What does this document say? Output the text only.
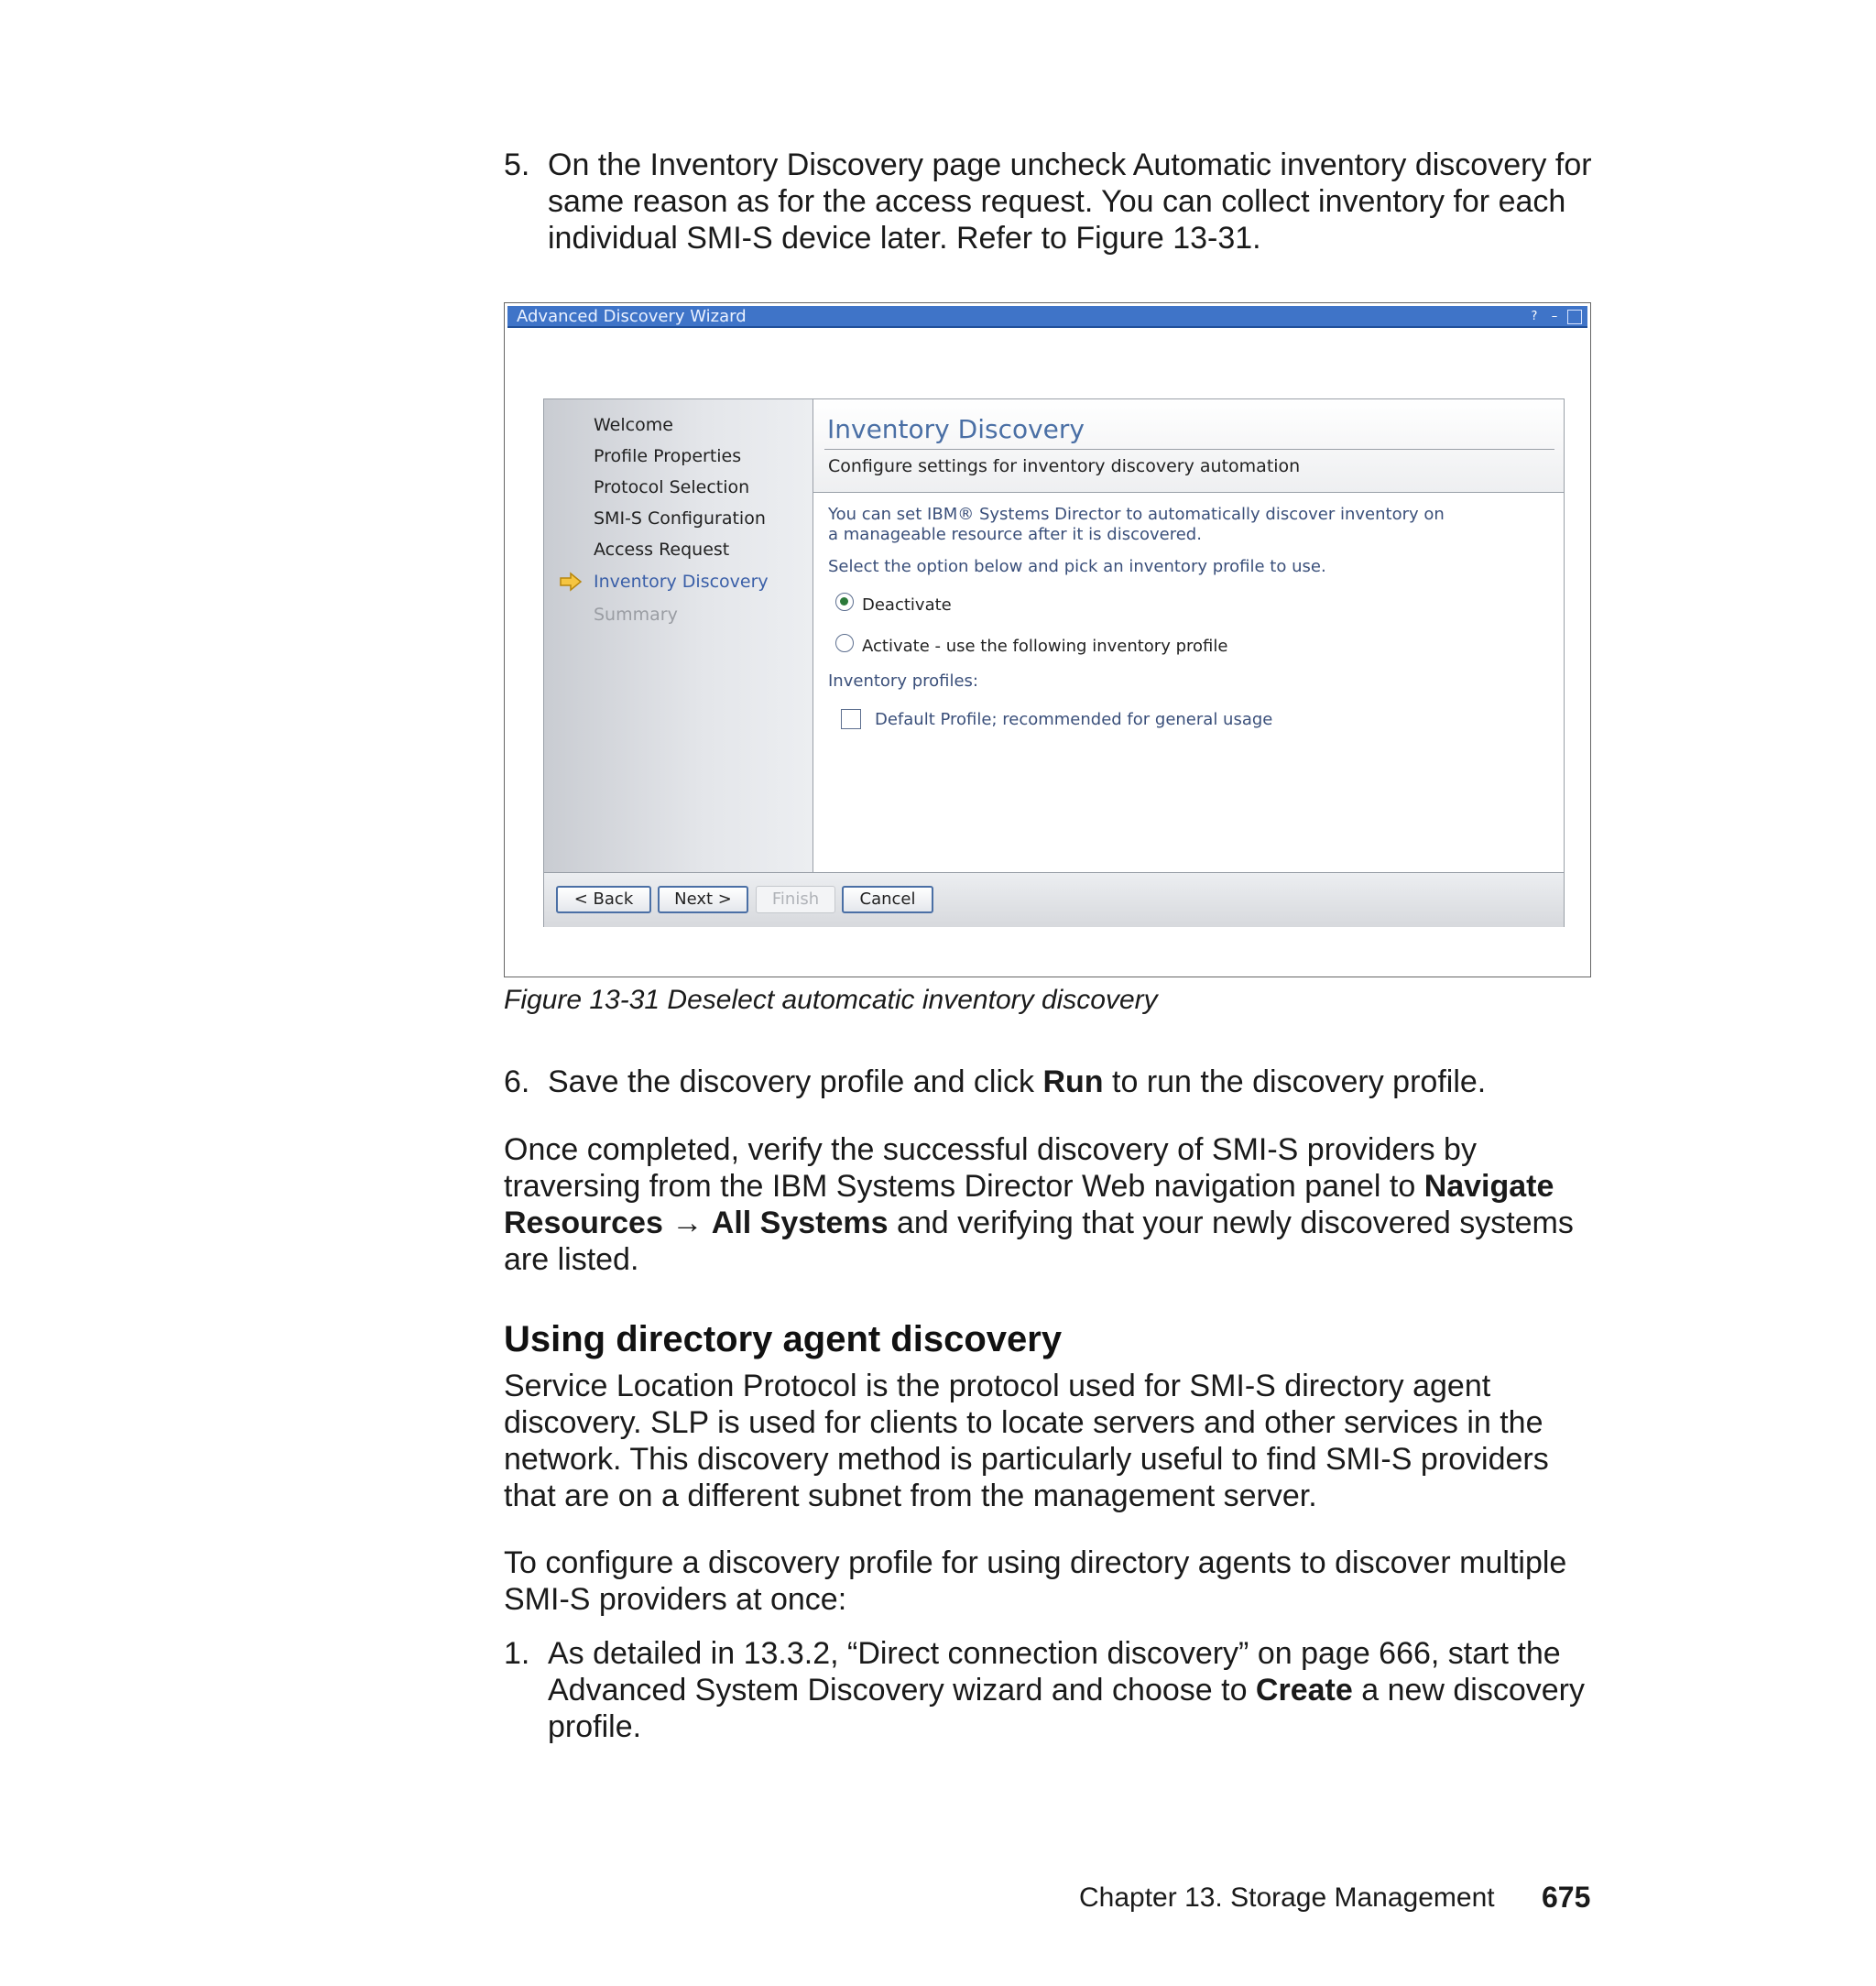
5. On the Inventory Discovery page uncheck Automatic inventory discovery for same reason as for the access request. You can collect inventory for each individual SMI-S device later. Refer to Figure 13-31.
Advanced Discovery Wizard	?	–
Welcome
Profile Properties
Protocol Selection
SMI-S Configuration
Access Request
Inventory Discovery
Summary
Inventory Discovery
Configure settings for inventory discovery automation
You can set IBM® Systems Director to automatically discover inventory on
a manageable resource after it is discovered.
Select the option below and pick an inventory profile to use.
Deactivate
Activate - use the following inventory profile
Inventory profiles:
Default Profile; recommended for general usage
< Back	Next >	Finish	Cancel
Figure 13-31 Deselect automcatic inventory discovery
6. Save the discovery profile and click Run to run the discovery profile.
Once completed, verify the successful discovery of SMI-S providers by traversing from the IBM Systems Director Web navigation panel to Navigate Resources → All Systems and verifying that your newly discovered systems are listed.
Using directory agent discovery
Service Location Protocol is the protocol used for SMI-S directory agent discovery. SLP is used for clients to locate servers and other services in the network. This discovery method is particularly useful to find SMI-S providers that are on a different subnet from the management server.
To configure a discovery profile for using directory agents to discover multiple SMI-S providers at once:
1. As detailed in 13.3.2, “Direct connection discovery” on page 666, start the Advanced System Discovery wizard and choose to Create a new discovery profile.
Chapter 13. Storage Management 675
